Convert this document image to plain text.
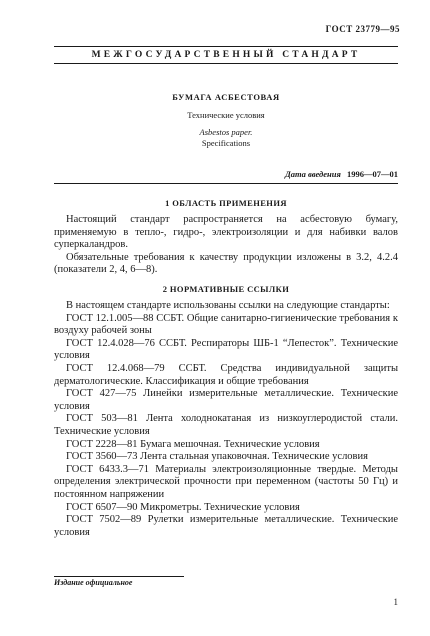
ГОСТ 23779—95
МЕЖГОСУДАРСТВЕННЫЙ СТАНДАРТ
БУМАГА АСБЕСТОВАЯ
Технические условия
Asbestos paper.
Specifications
Дата введения 1996—07—01
1 ОБЛАСТЬ ПРИМЕНЕНИЯ

Настоящий стандарт распространяется на асбестовую бумагу, применяемую в тепло-, гидро-, электроизоляции и для набивки валов суперкаландров.

Обязательные требования к качеству продукции изложены в 3.2, 4.2.4 (показатели 2, 4, 6—8).

2 НОРМАТИВНЫЕ ССЫЛКИ

В настоящем стандарте использованы ссылки на следующие стандарты:

ГОСТ 12.1.005—88 ССБТ. Общие санитарно-гигиенические требования к воздуху рабочей зоны

ГОСТ 12.4.028—76 ССБТ. Респираторы ШБ-1 “Лепесток”. Технические условия

ГОСТ 12.4.068—79 ССБТ. Средства индивидуальной защиты дерматологические. Классификация и общие требования

ГОСТ 427—75 Линейки измерительные металлические. Технические условия

ГОСТ 503—81 Лента холоднокатаная из низкоуглеродистой стали. Технические условия

ГОСТ 2228—81 Бумага мешочная. Технические условия

ГОСТ 3560—73 Лента стальная упаковочная. Технические условия

ГОСТ 6433.3—71 Материалы электроизоляционные твердые. Методы определения электрической прочности при переменном (частоты 50 Гц) и постоянном напряжении

ГОСТ 6507—90 Микрометры. Технические условия

ГОСТ 7502—89 Рулетки измерительные металлические. Технические условия

Издание официальное
1
